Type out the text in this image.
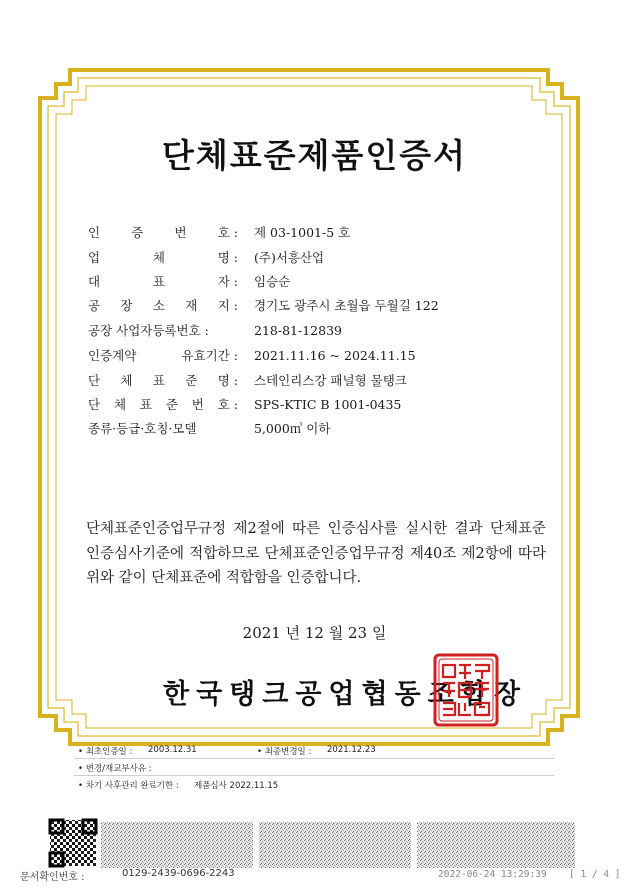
단체표준제품인증서
인 증 번 호 : 제 03-1001-5 호
업	체	명 : (주)서흥산업
대	표	자 : 임승순
공 장 소 재 지 : 경기도 광주시 초월읍 두월길 122
공장 사업자등록번호 :	218-81-12839
인증계약	유효기간 : 2021.11.16 ~ 2024.11.15
단 체 표 준 명 : 스테인리스강 패널형 물탱크
단 체 표 준 번 호 : SPS-KTIC B 1001-0435
종류·등급·호칭·모델	5,000㎥ 이하
단체표준인증업무규정 제2절에 따른 인증심사를 실시한 결과 단체표준 인증심사기준에 적합하므로 단체표준인증업무규정 제40조 제2항에 따라 위와 같이 단체표준에 적합함을 인증합니다.
2021 년 12 월 23 일
한국탱크공업협동조합장
• 최초인증일 : 2003.12.31	• 최종변경일 : 2021.12.23
• 변경/재교부사유 :
• 차기 사후관리 완료기한 : 제품심사 2022.11.15
문서확인번호 :	0129-2439-0696-2243	2022-06-24 13:29:39 [ 1 / 4 ]
